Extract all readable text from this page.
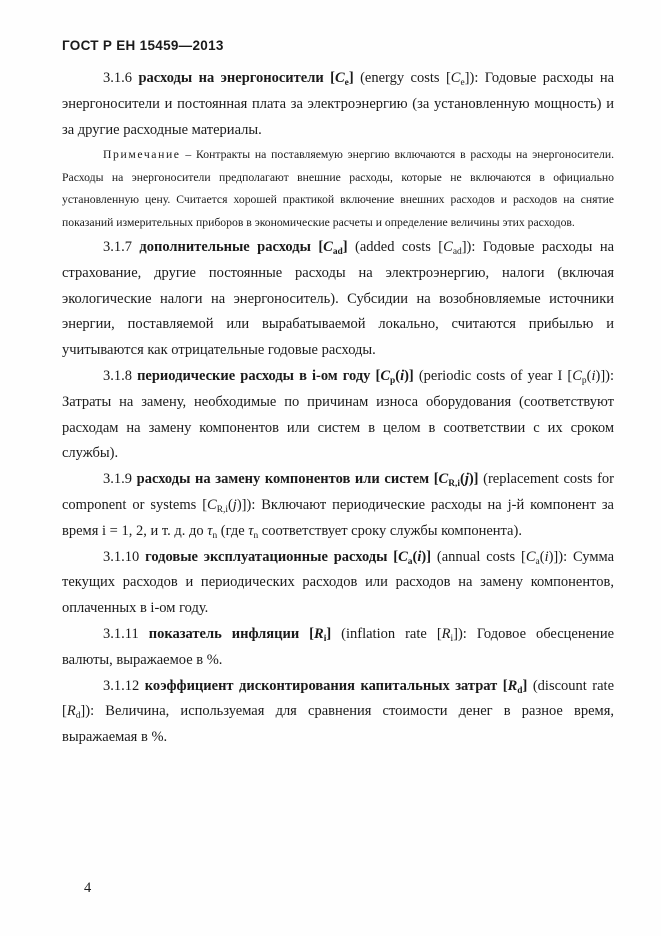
ГОСТ Р ЕН 15459—2013

3.1.6 расходы на энергоносители $[C_e]$ (energy costs $[C_e]$): Годовые расходы на энергоносители и постоянная плата за электроэнергию (за установленную мощность) и за другие расходные материалы.

Примечание – Контракты на поставляемую энергию включаются в расходы на энергоносители. Расходы на энергоносители предполагают внешние расходы, которые не включаются в официально установленную цену. Считается хорошей практикой включение внешних расходов и расходов на снятие показаний измерительных приборов в экономические расчеты и определение величины этих расходов.

3.1.7 дополнительные расходы $[C_{ad}]$ (added costs $[C_{ad}]$): Годовые расходы на страхование, другие постоянные расходы на электроэнергию, налоги (включая экологические налоги на энергоноситель). Субсидии на возобновляемые источники энергии, поставляемой или вырабатываемой локально, считаются прибылью и учитываются как отрицательные годовые расходы.

3.1.8 периодические расходы в i-ом году $[C_p(i)]$ (periodic costs of year I $[C_p(i)]$): Затраты на замену, необходимые по причинам износа оборудования (соответствуют расходам на замену компонентов или систем в целом в соответствии с их сроком службы).

3.1.9 расходы на замену компонентов или систем $[C_{R,i}(j)]$ (replacement costs for component or systems $[C_{R,i}(j)]$): Включают периодические расходы на j-й компонент за время i = 1, 2, и т. д. до $\tau_n$ (где $\tau_n$ соответствует сроку службы компонента).

3.1.10 годовые эксплуатационные расходы $[C_a(i)]$ (annual costs $[C_a(i)]$): Сумма текущих расходов и периодических расходов или расходов на замену компонентов, оплаченных в i-ом году.

3.1.11 показатель инфляции $[R_i]$ (inflation rate $[R_i]$): Годовое обесценение валюты, выражаемое в %.

3.1.12 коэффициент дисконтирования капитальных затрат $[R_d]$ (discount rate $[R_d]$): Величина, используемая для сравнения стоимости денег в разное время, выражаемая в %.

4
